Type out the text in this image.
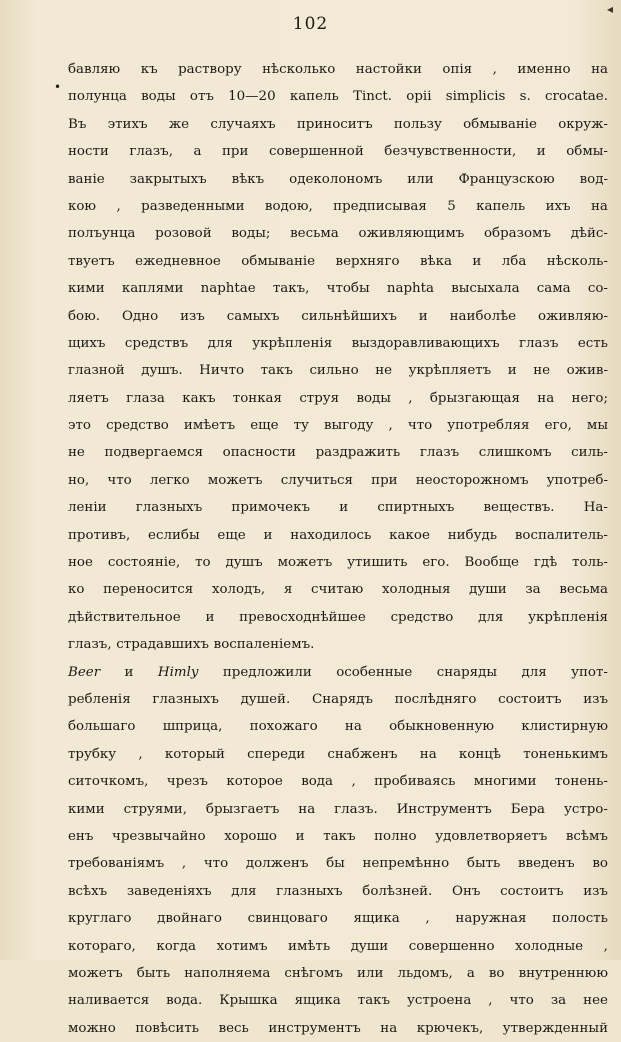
◂
102
•
бавляю къ раствору нѣсколько настойки опія , именно на
полунца воды отъ 10—20 капель Tinct. opii simplicis s. crocatae.
Въ этихъ же случаяхъ приноситъ пользу обмыванiе окруж-
ности глазъ, а при совершенной безчувственности, и обмы-
ванiе закрытыхъ вѣкъ одеколономъ или Французскою вод-
кою , разведенными водою, предписывая 5 капель ихъ на
полъунца розовой воды; весьма оживляющимъ образомъ дѣйс-
твуетъ ежедневное обмыванiе верхняго вѣка и лба нѣсколь-
кими каплями naphtae такъ, чтобы naphta высыхала сама со-
бою. Одно изъ самыхъ сильнѣйшихъ и наиболѣе оживляю-
щихъ средствъ для укрѣпленія выздоравливающихъ глазъ есть
глазной душъ. Ничто такъ сильно не укрѣпляетъ и не ожив-
ляетъ глаза какъ тонкая струя воды , брызгающая на него;
это средство имѣетъ еще ту выгоду , что употребляя его, мы
не подвергаемся опасности раздражить глазъ слишкомъ силь-
но, что легко можетъ случиться при неосторожномъ употреб-
леніи глазныхъ примочекъ и спиртныхъ веществъ. На-
противъ, еслибы еще и находилось какое нибудь воспалитель-
ное состоянiе, то душъ можетъ утишить его. Вообще гдѣ толь-
ко переносится холодъ, я считаю холодныя души за весьма
дѣйствительное и превосходнѣйшее средство для укрѣпленія
глазъ, страдавшихъ воспаленіемъ.
Beer и Himly предложили особенные снаряды для упот-
ребленія глазныхъ душей. Снарядъ послѣдняго состоитъ изъ
большаго шприца, похожаго на обыкновенную клистирную
трубку , который спереди снабженъ на концѣ тоненькимъ
ситочкомъ, чрезъ которое вода , пробиваясь многими тонень-
кими струями, брызгаетъ на глазъ. Инструментъ Бера устро-
енъ чрезвычайно хорошо и такъ полно удовлетворяетъ всѣмъ
требованіямъ , что долженъ бы непремѣнно быть введенъ во
всѣхъ заведеніяхъ для глазныхъ болѣзней. Онъ состоитъ изъ
круглаго двойнаго свинцоваго ящика , наружная полость
котораго, когда хотимъ имѣть души совершенно холодные ,
можетъ быть наполняема снѣгомъ или льдомъ, а во внутреннюю
наливается вода. Крышка ящика такъ устроена , что за нее
можно повѣсить весь инструментъ на крючекъ, утвержденный
